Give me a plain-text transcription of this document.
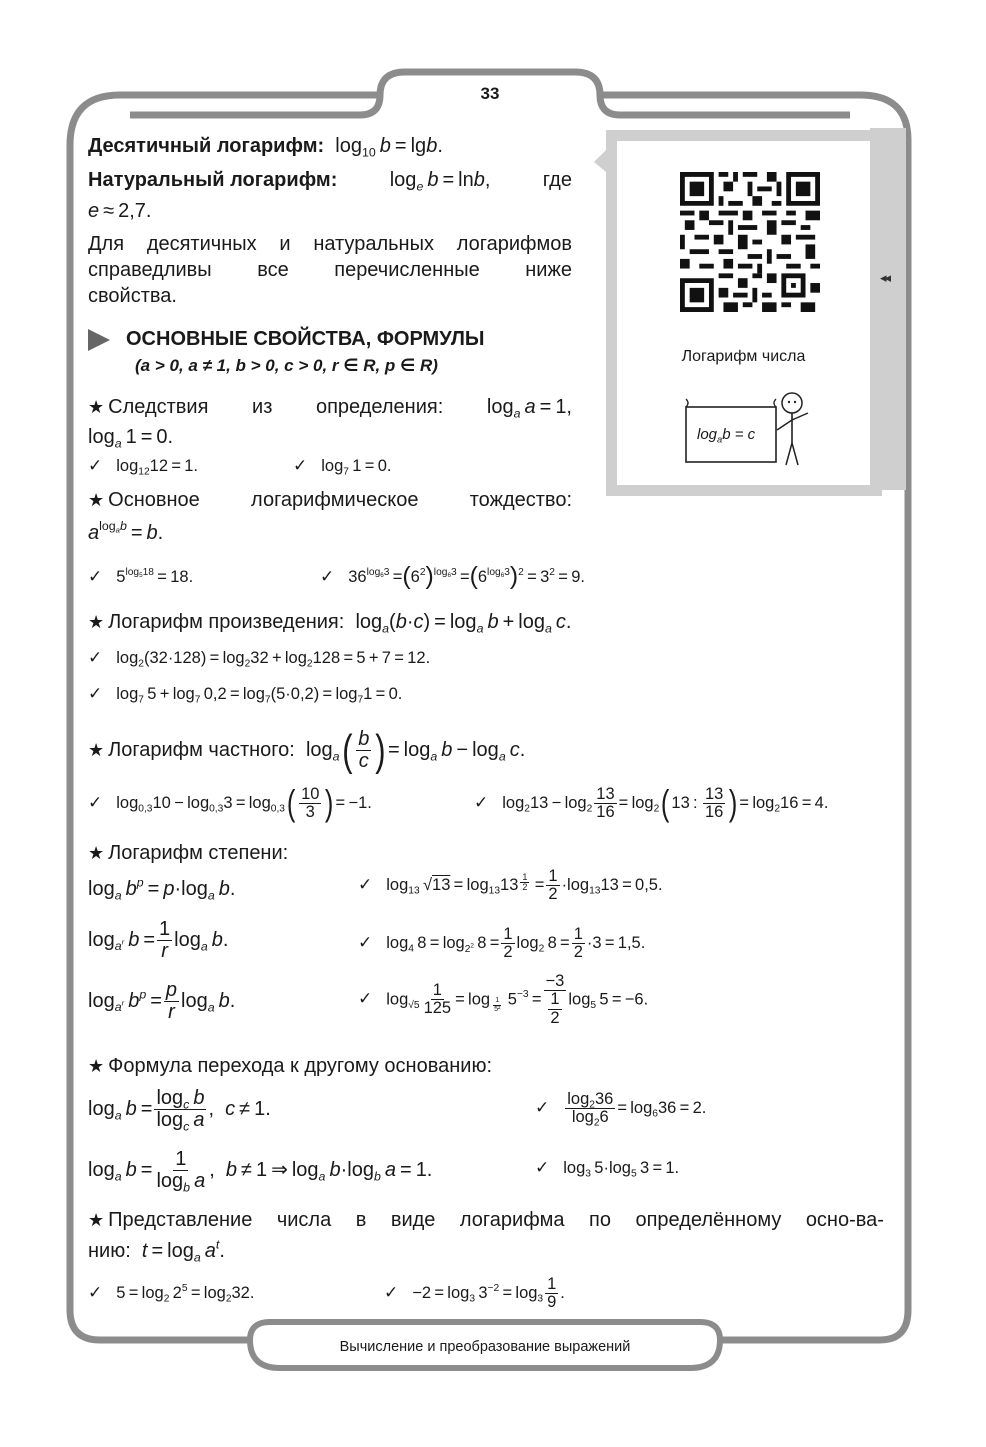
Логарифм числа
$\log_ab = c$
33
◂◂
Десятичный логарифм:  $\log_{10} b = \lg b$.
Натуральный логарифм:	$\log_e b = \ln b$,	где
e ≈ 2,7.
Для десятичных и натуральных логарифмов
справедливы все перечисленные ниже
свойства.
ОСНОВНЫЕ СВОЙСТВА, ФОРМУЛЫ
(a > 0, a ≠ 1, b > 0, c > 0, r ∈ R, p ∈ R)
★ Следствия из определения: $\log_a a = 1$,
$\log_a 1 = 0$.
✓ $\log_{12}12 = 1$.	✓ $\log_7 1 = 0$.
★ Основное	логарифмическое	тождество:
$a^{log_ab} = b$.
✓ $5^{log_518} = 18$.	✓ $36^{log_63} =(6^2)^{log_63} =(6^{log_63})^2 = 3^2 = 9$.
★ Логарифм произведения:  $\log_a(b\cdot c) = \log_a b + \log_a c$.
✓ $\log_2(32\cdot 128) = \log_232 + \log_2128 = 5 + 7 = 12$.
✓ $\log_7 5 + \log_7 0,2 = \log_7(5\cdot 0,2) = \log_71 = 0$.
★ Логарифм частного:  $\log_a( \frac{b}{c}$ ) = $\log_a b - \log_a c$.
✓ $\log_{0,3}10 - \log_{0,3}3 = \log_{0,3}( \frac{10}{3}$ ) = −1.	✓ $\log_213 - \log_2 \frac{13}{16} = \log_2$( 13 :  $\frac{13}{16}$ ) = $\log_216 = 4$.
★ Логарифм степени:
$\log_a b^p = p\cdot\log_a$  b.	✓ $\log_{13} √13 = \log_{13}13$ $^{\frac{1}{2}} = \frac{1}{2} \cdot\log_{13}13 = 0,5$.
$\log_{a^r} b = \frac{1}{r} \log_a b$.	✓ $\log_4 8 = \log_{2^2} 8 = \frac{1}{2} \log_2 8 = \frac{1}{2} \cdot 3 = 1,5$.
$\log_{a^r} b^p = \frac{p}{r} \log_a b$.	✓ $\log_{√5} \frac{1}{125} = \log _{\frac{1}{\text{5²}}}$  $5^{-3} = \frac{-3}{\frac{1}{2}} \log_5 5 = -6$.
★ Формула перехода к другому основанию:
$\log_a b = \frac{\log_c b}{\log_c a}$ ,  c ≠ 1.	✓ $\frac{\log_236}{\log_26} = \log_636 = 2$.
$\log_a b = \frac{1}{\log_b a}$ ,  b ≠ 1 ⇒ $\log_a b\cdot\log_b$  a = 1.	✓ $\log_3 5\cdot\log_5$ 3 = 1.
★ Представление числа в виде логарифма по определённому осно-ва-
нию: $t = \log_a a^t$.
✓ $5 = \log_2 2^5 = \log_232$.	✓ $-2 = \log_3 3^{-2} = \log_3 \frac{1}{9}$ .
Вычисление и преобразование выражений
